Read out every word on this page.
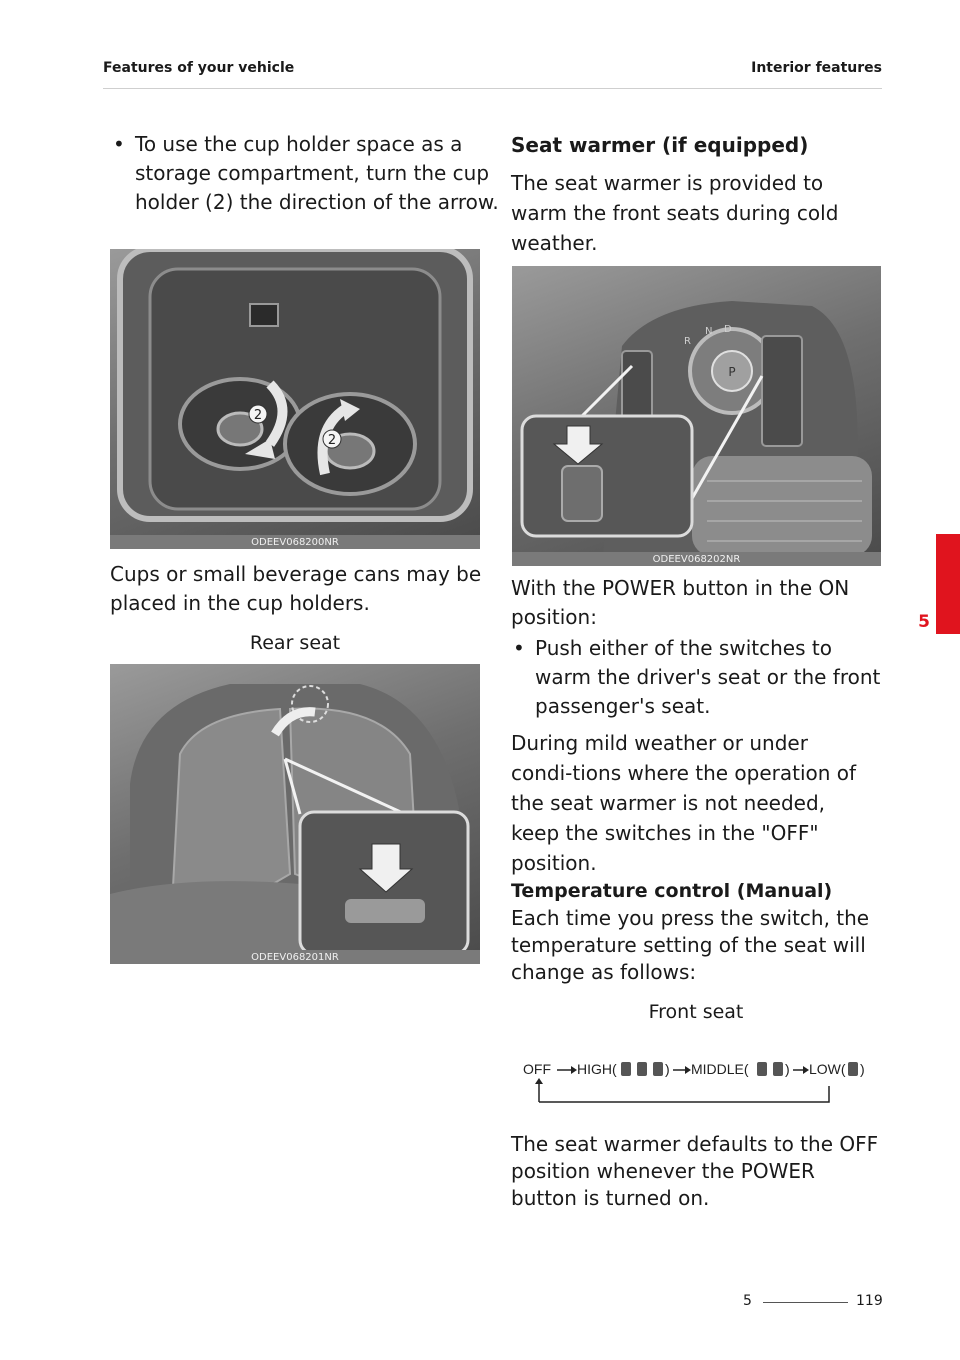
Features of your vehicle	Interior features
• To use the cup holder space as a storage compartment, turn the cup holder (2) the direction of the arrow.
2
2
ODEEV068200NR
Cups or small beverage cans may be placed in the cup holders.
Rear seat
ODEEV068201NR
Seat warmer (if equipped)
The seat warmer is provided to warm the front seats during cold weather.
P
R
N D
ODEEV068202NR
With the POWER button in the ON position:
• Push either of the switches to warm the driver's seat or the front passenger's seat.
During mild weather or under condi-tions where the operation of the seat warmer is not needed, keep the switches in the "OFF" position.
Temperature control (Manual)
Each time you press the switch, the temperature setting of the seat will change as follows:
Front seat
OFF HIGH(	) MIDDLE(	) LOW( )
The seat warmer defaults to the OFF position whenever the POWER button is turned on.
5
5	119
